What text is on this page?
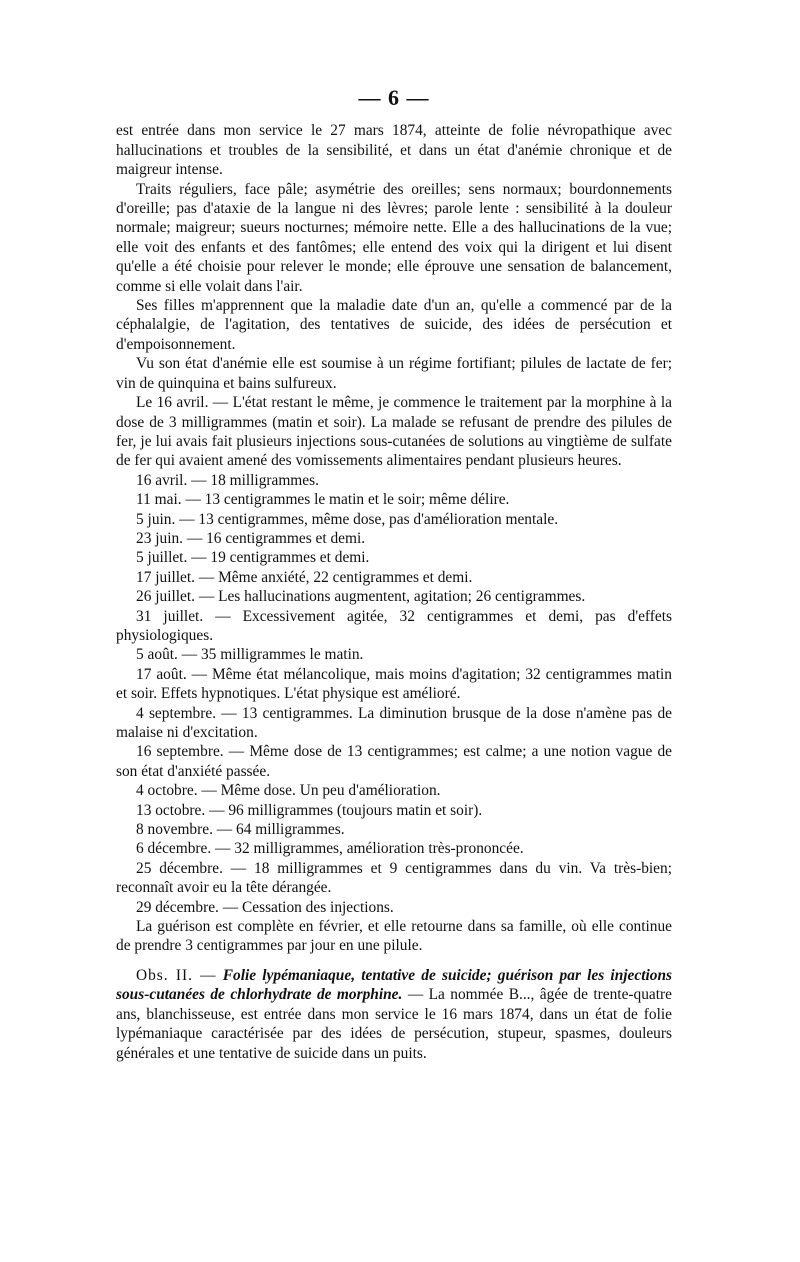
— 6 —

est entrée dans mon service le 27 mars 1874, atteinte de folie névropathique avec hallucinations et troubles de la sensibilité, et dans un état d'anémie chronique et de maigreur intense.

Traits réguliers, face pâle; asymétrie des oreilles; sens normaux; bourdonnements d'oreille; pas d'ataxie de la langue ni des lèvres; parole lente : sensibilité à la douleur normale; maigreur; sueurs nocturnes; mémoire nette. Elle a des hallucinations de la vue; elle voit des enfants et des fantômes; elle entend des voix qui la dirigent et lui disent qu'elle a été choisie pour relever le monde; elle éprouve une sensation de balancement, comme si elle volait dans l'air.

Ses filles m'apprennent que la maladie date d'un an, qu'elle a commencé par de la céphalalgie, de l'agitation, des tentatives de suicide, des idées de persécution et d'empoisonnement.

Vu son état d'anémie elle est soumise à un régime fortifiant; pilules de lactate de fer; vin de quinquina et bains sulfureux.

Le 16 avril. — L'état restant le même, je commence le traitement par la morphine à la dose de 3 milligrammes (matin et soir). La malade se refusant de prendre des pilules de fer, je lui avais fait plusieurs injections sous-cutanées de solutions au vingtième de sulfate de fer qui avaient amené des vomissements alimentaires pendant plusieurs heures.

16 avril. — 18 milligrammes.

11 mai. — 13 centigrammes le matin et le soir; même délire.

5 juin. — 13 centigrammes, même dose, pas d'amélioration mentale.

23 juin. — 16 centigrammes et demi.

5 juillet. — 19 centigrammes et demi.

17 juillet. — Même anxiété, 22 centigrammes et demi.

26 juillet. — Les hallucinations augmentent, agitation; 26 centigrammes.

31 juillet. — Excessivement agitée, 32 centigrammes et demi, pas d'effets physiologiques.

5 août. — 35 milligrammes le matin.

17 août. — Même état mélancolique, mais moins d'agitation; 32 centigrammes matin et soir. Effets hypnotiques. L'état physique est amélioré.

4 septembre. — 13 centigrammes. La diminution brusque de la dose n'amène pas de malaise ni d'excitation.

16 septembre. — Même dose de 13 centigrammes; est calme; a une notion vague de son état d'anxiété passée.

4 octobre. — Même dose. Un peu d'amélioration.

13 octobre. — 96 milligrammes (toujours matin et soir).

8 novembre. — 64 milligrammes.

6 décembre. — 32 milligrammes, amélioration très-prononcée.

25 décembre. — 18 milligrammes et 9 centigrammes dans du vin. Va très-bien; reconnaît avoir eu la tête dérangée.

29 décembre. — Cessation des injections.

La guérison est complète en février, et elle retourne dans sa famille, où elle continue de prendre 3 centigrammes par jour en une pilule.

Obs. II. — Folie lypémaniaque, tentative de suicide; guérison par les injections sous-cutanées de chlorhydrate de morphine. — La nommée B..., âgée de trente-quatre ans, blanchisseuse, est entrée dans mon service le 16 mars 1874, dans un état de folie lypémaniaque caractérisée par des idées de persécution, stupeur, spasmes, douleurs générales et une tentative de suicide dans un puits.
